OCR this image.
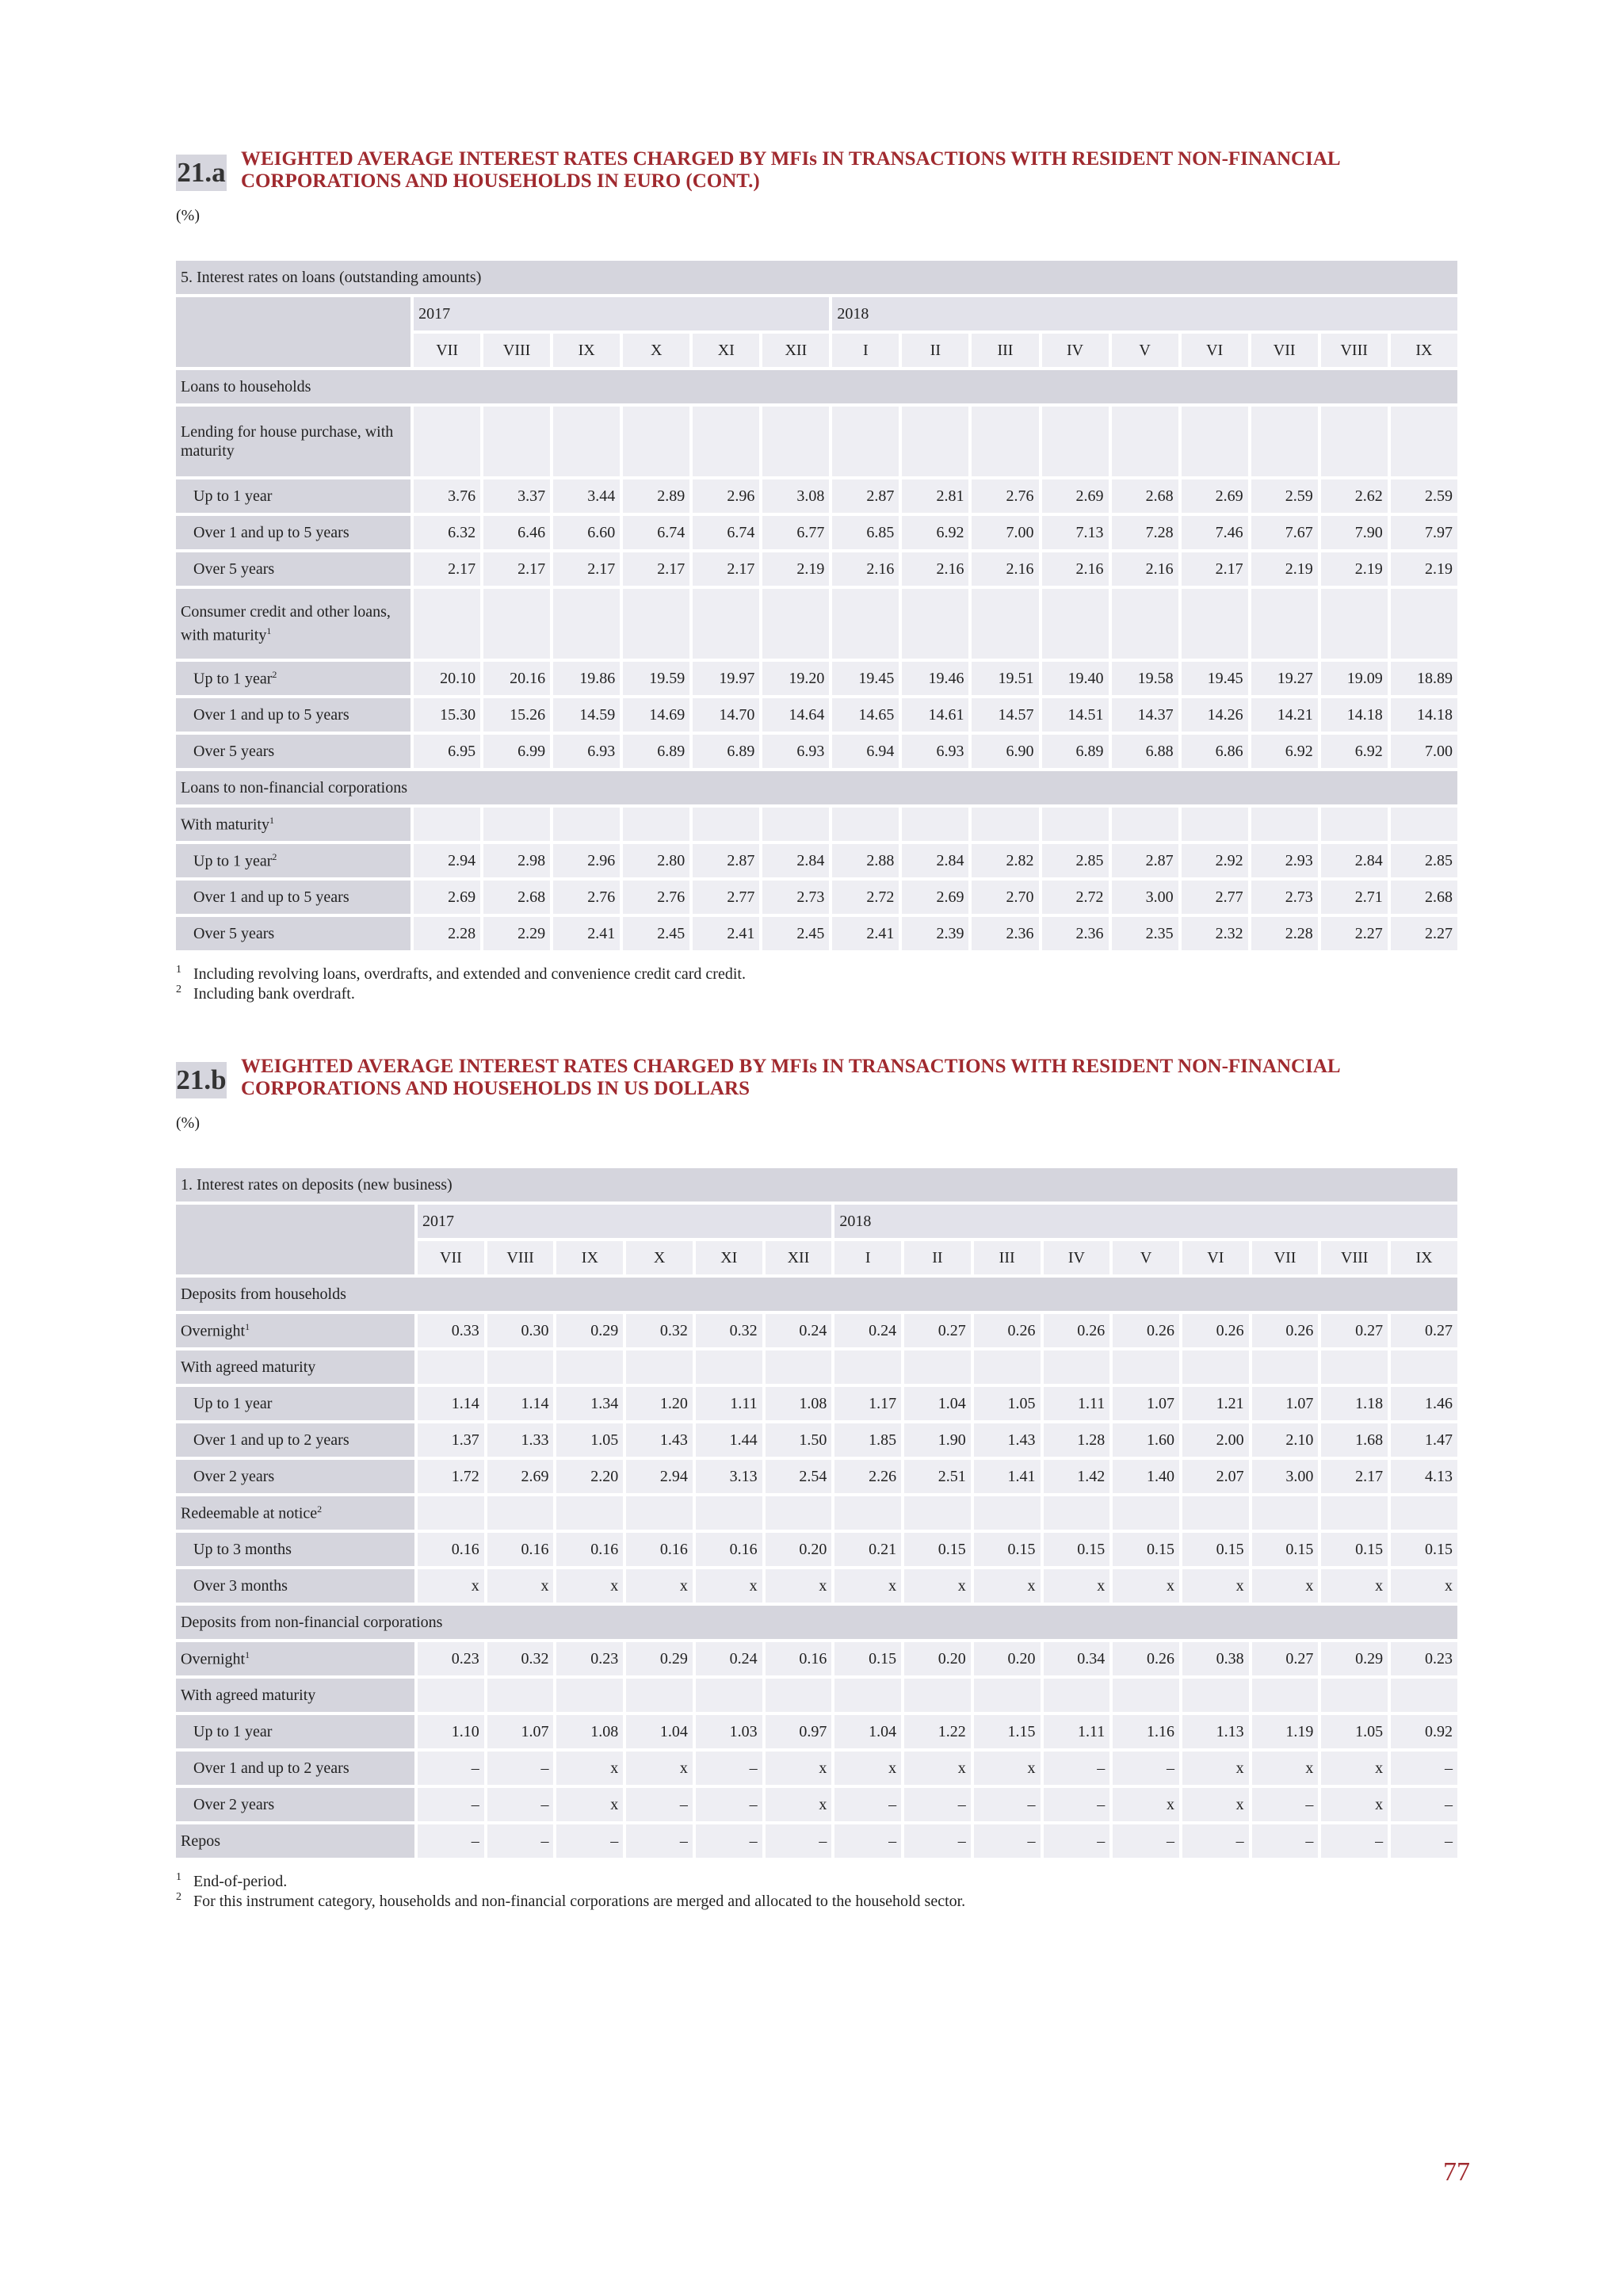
21.a WEIGHTED AVERAGE INTEREST RATES CHARGED BY MFIs IN TRANSACTIONS WITH RESIDENT NON-FINANCIAL
CORPORATIONS AND HOUSEHOLDS IN EURO (CONT.)
(%)
5. Interest rates on loans (outstanding amounts)															
	2017						2018								
	VII	VIII	IX	X	XI	XII	I	II	III	IV	V	VI	VII	VIII	IX
Loans to households															
Lending for house purchase, with maturity															
Up to 1 year	3.76	3.37	3.44	2.89	2.96	3.08	2.87	2.81	2.76	2.69	2.68	2.69	2.59	2.62	2.59
Over 1 and up to 5 years	6.32	6.46	6.60	6.74	6.74	6.77	6.85	6.92	7.00	7.13	7.28	7.46	7.67	7.90	7.97
Over 5 years	2.17	2.17	2.17	2.17	2.17	2.19	2.16	2.16	2.16	2.16	2.16	2.17	2.19	2.19	2.19
Consumer credit and other loans, with maturity$^1$															
Up to 1 year$^2$	20.10	20.16	19.86	19.59	19.97	19.20	19.45	19.46	19.51	19.40	19.58	19.45	19.27	19.09	18.89
Over 1 and up to 5 years	15.30	15.26	14.59	14.69	14.70	14.64	14.65	14.61	14.57	14.51	14.37	14.26	14.21	14.18	14.18
Over 5 years	6.95	6.99	6.93	6.89	6.89	6.93	6.94	6.93	6.90	6.89	6.88	6.86	6.92	6.92	7.00
Loans to non-financial corporations															
With maturity$^1$															
Up to 1 year$^2$	2.94	2.98	2.96	2.80	2.87	2.84	2.88	2.84	2.82	2.85	2.87	2.92	2.93	2.84	2.85
Over 1 and up to 5 years	2.69	2.68	2.76	2.76	2.77	2.73	2.72	2.69	2.70	2.72	3.00	2.77	2.73	2.71	2.68
Over 5 years	2.28	2.29	2.41	2.45	2.41	2.45	2.41	2.39	2.36	2.36	2.35	2.32	2.28	2.27	2.27
1 Including revolving loans, overdrafts, and extended and convenience credit card credit.
2 Including bank overdraft.
21.b WEIGHTED AVERAGE INTEREST RATES CHARGED BY MFIs IN TRANSACTIONS WITH RESIDENT NON-FINANCIAL
CORPORATIONS AND HOUSEHOLDS IN US DOLLARS
(%)
1. Interest rates on deposits (new business)															
	2017						2018								
	VII	VIII	IX	X	XI	XII	I	II	III	IV	V	VI	VII	VIII	IX
Deposits from households															
Overnight$^1$	0.33	0.30	0.29	0.32	0.32	0.24	0.24	0.27	0.26	0.26	0.26	0.26	0.26	0.27	0.27
With agreed maturity															
Up to 1 year	1.14	1.14	1.34	1.20	1.11	1.08	1.17	1.04	1.05	1.11	1.07	1.21	1.07	1.18	1.46
Over 1 and up to 2 years	1.37	1.33	1.05	1.43	1.44	1.50	1.85	1.90	1.43	1.28	1.60	2.00	2.10	1.68	1.47
Over 2 years	1.72	2.69	2.20	2.94	3.13	2.54	2.26	2.51	1.41	1.42	1.40	2.07	3.00	2.17	4.13
Redeemable at notice$^2$															
Up to 3 months	0.16	0.16	0.16	0.16	0.16	0.20	0.21	0.15	0.15	0.15	0.15	0.15	0.15	0.15	0.15
Over 3 months	x	x	x	x	x	x	x	x	x	x	x	x	x	x	x
Deposits from non-financial corporations															
Overnight$^1$	0.23	0.32	0.23	0.29	0.24	0.16	0.15	0.20	0.20	0.34	0.26	0.38	0.27	0.29	0.23
With agreed maturity															
Up to 1 year	1.10	1.07	1.08	1.04	1.03	0.97	1.04	1.22	1.15	1.11	1.16	1.13	1.19	1.05	0.92
Over 1 and up to 2 years	–	–	x	x	–	x	x	x	x	–	–	x	x	x	–
Over 2 years	–	–	x	–	–	x	–	–	–	–	x	x	–	x	–
Repos	–	–	–	–	–	–	–	–	–	–	–	–	–	–	–
1 End-of-period.
2 For this instrument category, households and non-financial corporations are merged and allocated to the household sector.
77
